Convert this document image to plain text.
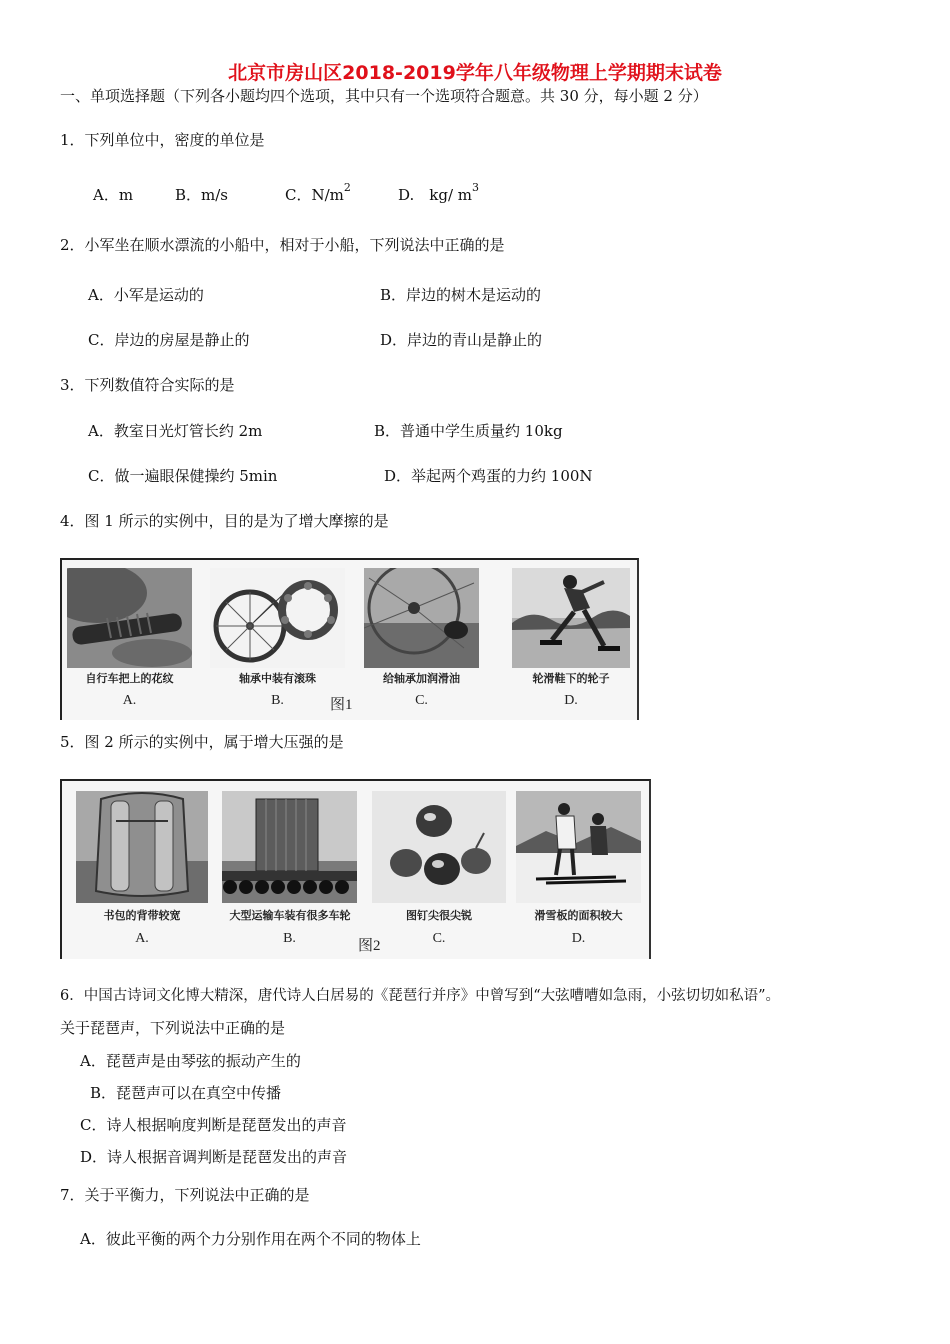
北京市房山区2018-2019学年八年级物理上学期期末试卷
一、单项选择题（下列各小题均四个选项，其中只有一个选项符合题意。共 30 分，每小题 2 分）
1．下列单位中，密度的单位是
A．m	B．m/s	C．$N/m^2$	D.　kg/ $m^3$
2．小军坐在顺水漂流的小船中，相对于小船，下列说法中正确的是
A．小军是运动的	B．岸边的树木是运动的
C．岸边的房屋是静止的	D．岸边的青山是静止的
3．下列数值符合实际的是
A．教室日光灯管长约 2m	B．普通中学生质量约 10kg
C．做一遍眼保健操约 5min	D．举起两个鸡蛋的力约 100N
4．图 1 所示的实例中，目的是为了增大摩擦的是
自行车把上的花纹
A.
轴承中装有滚珠
B.	图1
给轴承加润滑油
C.
轮滑鞋下的轮子
D.
5．图 2 所示的实例中，属于增大压强的是
书包的背带较宽
A.
大型运输车装有很多车轮
B.	图2
图钉尖很尖锐
C.
滑雪板的面积较大
D.
6．中国古诗词文化博大精深，唐代诗人白居易的《琵琶行并序》中曾写到“大弦嘈嘈如急雨，小弦切切如私语”。
关于琵琶声，下列说法中正确的是
A．琵琶声是由琴弦的振动产生的
B．琵琶声可以在真空中传播
C．诗人根据响度判断是琵琶发出的声音
D．诗人根据音调判断是琵琶发出的声音
7．关于平衡力，下列说法中正确的是
A．彼此平衡的两个力分别作用在两个不同的物体上
